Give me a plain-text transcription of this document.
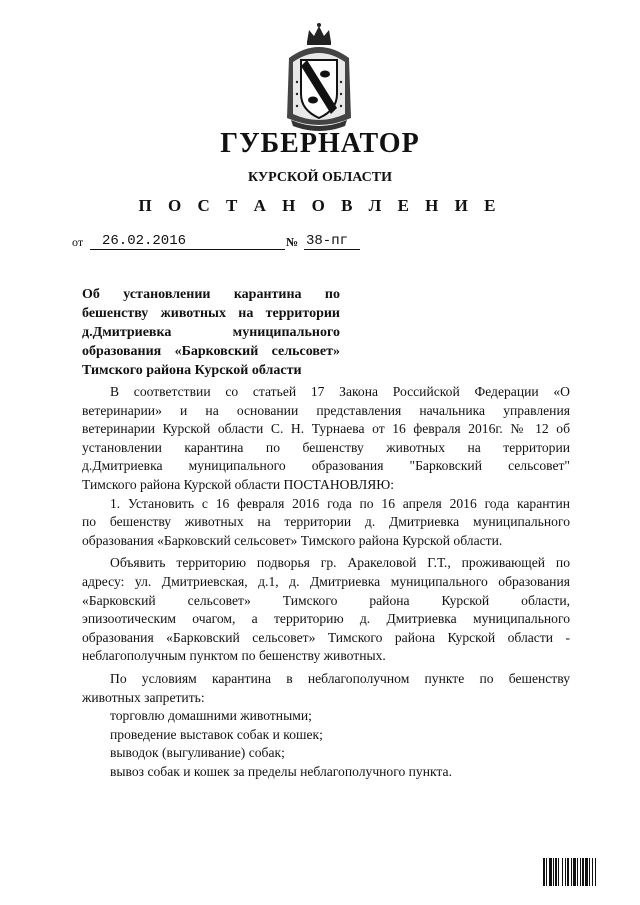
ГУБЕРНАТОР
КУРСКОЙ ОБЛАСТИ
П О С Т А Н О В Л Е Н И Е
от	26.02.2016	№ 38-пг
Об установлении карантина по
бешенству животных на территории
д.Дмитриевка муниципального
образования «Барковский сельсовет»
Тимского района Курской области

В соответствии со статьей 17 Закона Российской Федерации «О
ветеринарии» и на основании представления начальника управления
ветеринарии Курской области С. Н. Турнаева от 16 февраля 2016г. № 12 об
установлении карантина по бешенству животных на территории
д.Дмитриевка муниципального образования "Барковский сельсовет"
Тимского района Курской области ПОСТАНОВЛЯЮ:

1. Установить с 16 февраля 2016 года по 16 апреля 2016 года карантин
по бешенству животных на территории д. Дмитриевка муниципального
образования «Барковский сельсовет» Тимского района Курской области.

Объявить территорию подворья гр. Аракеловой Г.Т., проживающей по
адресу: ул. Дмитриевская, д.1, д. Дмитриевка муниципального образования
«Барковский сельсовет» Тимского района Курской области,
эпизоотическим очагом, а территорию д. Дмитриевка муниципального
образования «Барковский сельсовет» Тимского района Курской области -
неблагополучным пунктом по бешенству животных.

По условиям карантина в неблагополучном пункте по бешенству
животных запретить:

торговлю домашними животными;
проведение выставок собак и кошек;
выводок (выгуливание) собак;
вывоз собак и кошек за пределы неблагополучного пункта.
